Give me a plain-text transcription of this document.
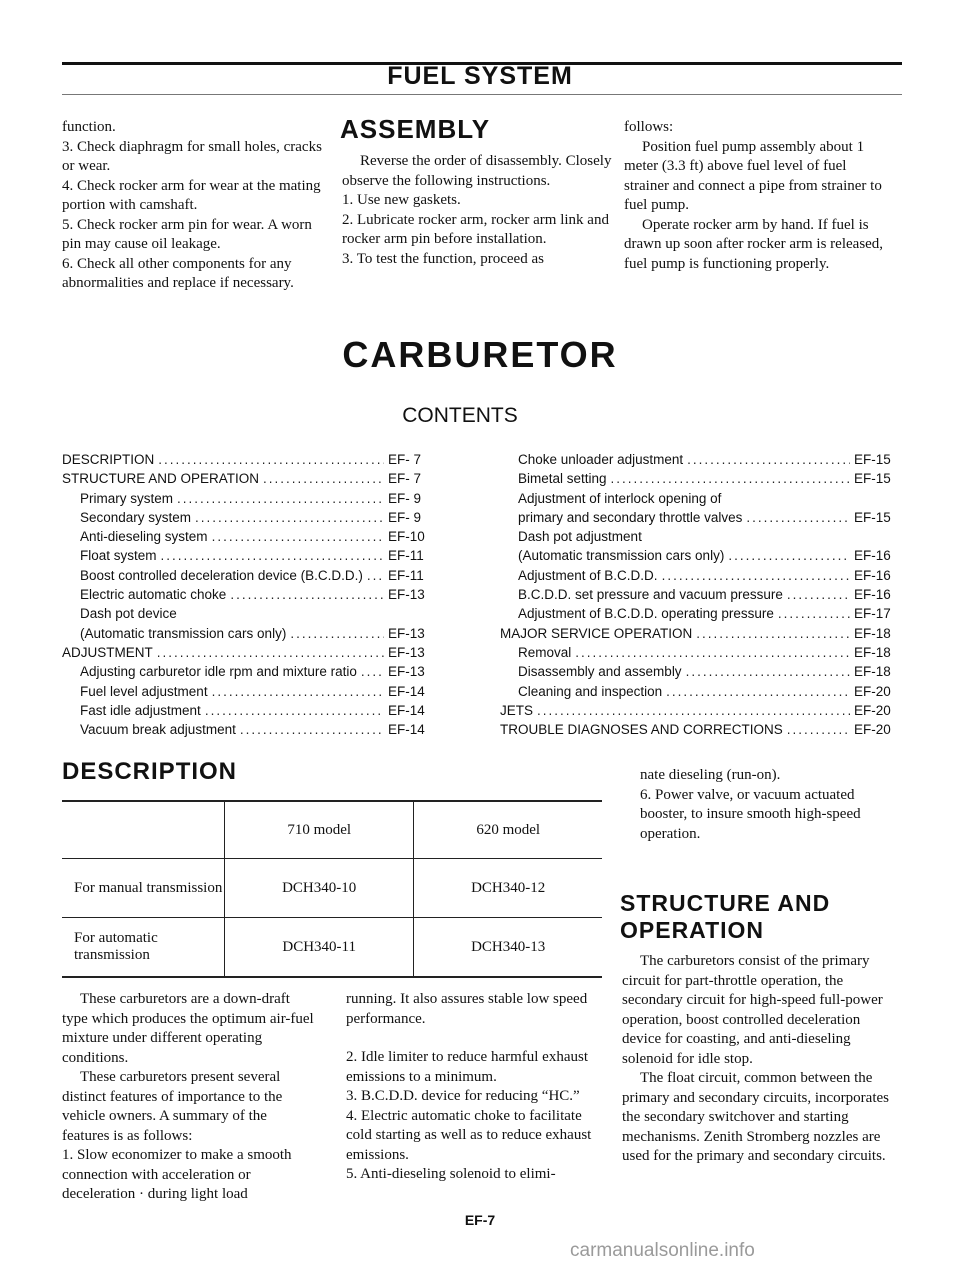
FUEL SYSTEM

function.

3. Check diaphragm for small holes, cracks or wear.

4. Check rocker arm for wear at the mating portion with camshaft.

5. Check rocker arm pin for wear. A worn pin may cause oil leakage.

6. Check all other components for any abnormalities and replace if necessary.

ASSEMBLY

Reverse the order of disassembly. Closely observe the following instructions.

1. Use new gaskets.

2. Lubricate rocker arm, rocker arm link and rocker arm pin before installation.

3. To test the function, proceed as

follows:

Position fuel pump assembly about 1 meter (3.3 ft) above fuel level of fuel strainer and connect a pipe from strainer to fuel pump.

Operate rocker arm by hand. If fuel is drawn up soon after rocker arm is released, fuel pump is functioning properly.

CARBURETOR
CONTENTS
DESCRIPTION .....	EF- 7
STRUCTURE AND OPERATION .....	EF- 7
Primary system .....	EF- 9
Secondary system .....	EF- 9
Anti-dieseling system .....	EF-10
Float system .....	EF-11
Boost controlled deceleration device (B.C.D.D.) ..... EF-11
Electric automatic choke .....	EF-13
Dash pot device
(Automatic transmission cars only) .....	EF-13
ADJUSTMENT .....	EF-13
Adjusting carburetor idle rpm and mixture ratio ..... EF-13
Fuel level adjustment .....	EF-14
Fast idle adjustment .....	EF-14
Vacuum break adjustment .....	EF-14
Choke unloader adjustment .....	EF-15
Bimetal setting .....	EF-15
Adjustment of interlock opening of
primary and secondary throttle valves .....	EF-15
Dash pot adjustment
(Automatic transmission cars only) .....	EF-16
Adjustment of B.C.D.D. .....	EF-16
B.C.D.D. set pressure and vacuum pressure .....	EF-16
Adjustment of B.C.D.D. operating pressure .....	EF-17
MAJOR SERVICE OPERATION .....	EF-18
Removal .....	EF-18
Disassembly and assembly .....	EF-18
Cleaning and inspection .....	EF-20
JETS .....	EF-20
TROUBLE DIAGNOSES AND CORRECTIONS .....	EF-20
DESCRIPTION
	710 model	620 model
For manual transmission	DCH340-10	DCH340-12
For automatic transmission	DCH340-11	DCH340-13

These carburetors are a down-draft type which produces the optimum air-fuel mixture under different operating conditions.

These carburetors present several distinct features of importance to the vehicle owners. A summary of the features is as follows:

1. Slow economizer to make a smooth connection with acceleration or deceleration · during light load

running. It also assures stable low speed performance.

2. Idle limiter to reduce harmful exhaust emissions to a minimum.

3. B.C.D.D. device for reducing “HC.”

4. Electric automatic choke to facilitate cold starting as well as to reduce exhaust emissions.

5. Anti-dieseling solenoid to elimi-

nate dieseling (run-on).

6. Power valve, or vacuum actuated booster, to insure smooth high-speed operation.

STRUCTURE AND OPERATION

The carburetors consist of the primary circuit for part-throttle operation, the secondary circuit for high-speed full-power operation, boost controlled deceleration device for coasting, and anti-dieseling solenoid for idle stop.

The float circuit, common between the primary and secondary circuits, incorporates the secondary switchover and starting mechanisms. Zenith Stromberg nozzles are used for the primary and secondary circuits.

EF-7
carmanualsonline.info
